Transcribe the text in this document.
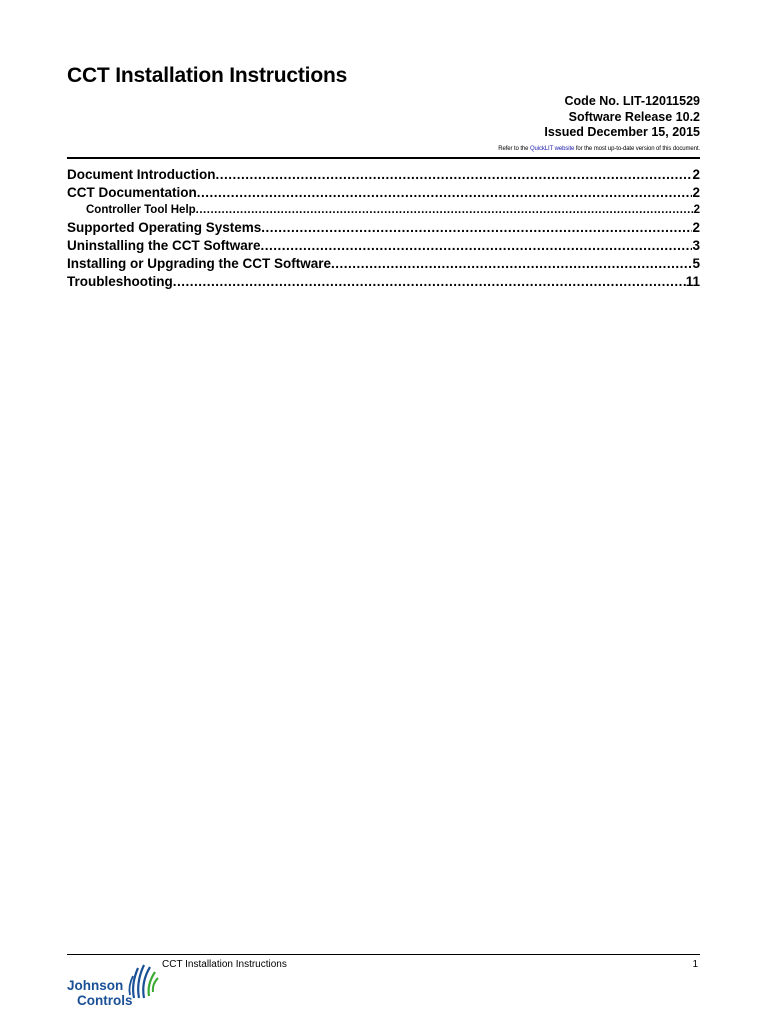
CCT Installation Instructions
Code No. LIT-12011529
Software Release 10.2
Issued December 15, 2015
Refer to the QuickLIT website for the most up-to-date version of this document.
Document Introduction .....	2
CCT Documentation .....	2
Controller Tool Help .....	2
Supported Operating Systems .....	2
Uninstalling the CCT Software .....	3
Installing or Upgrading the CCT Software .....	5
Troubleshooting .....	11
CCT Installation Instructions	1
Johnson
Controls
